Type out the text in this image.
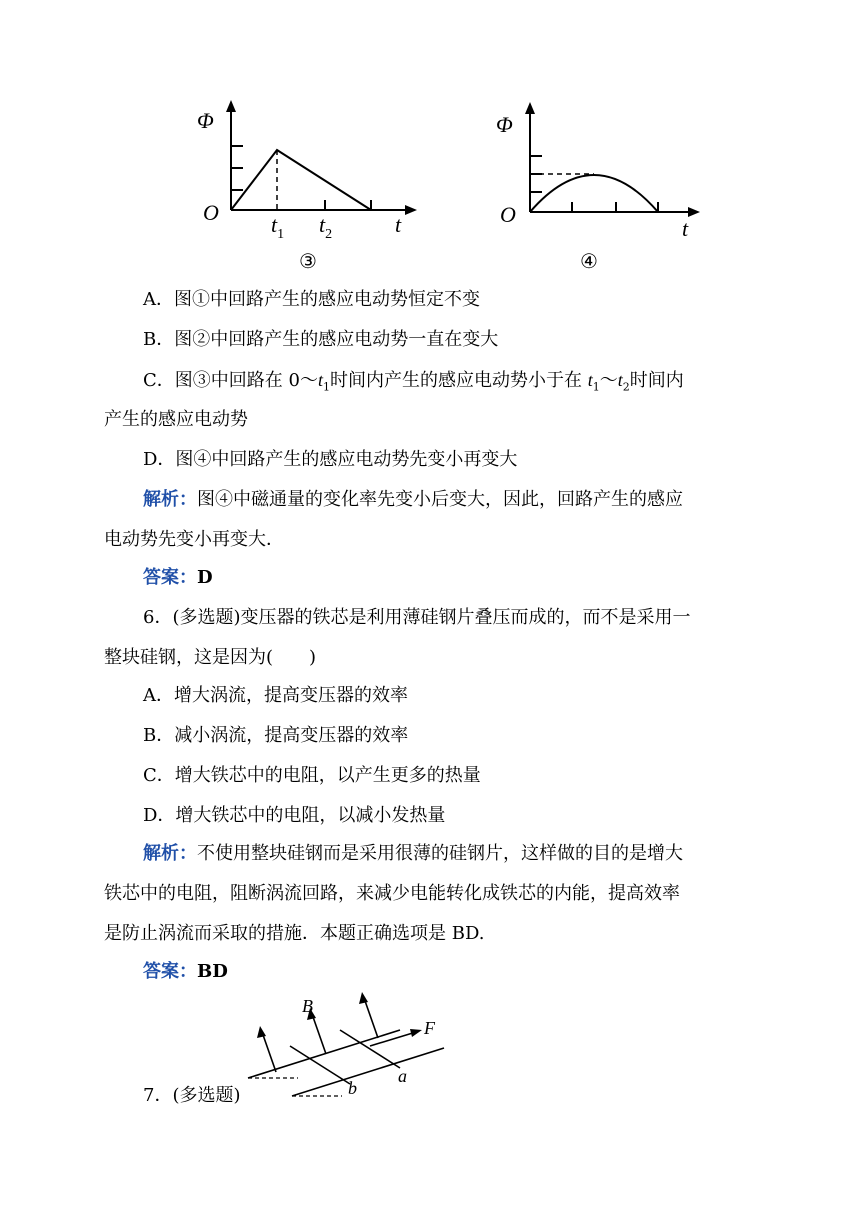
Φ
O $t_1$ $t_2$	t
③
Φ
O
t
④
A．图①中回路产生的感应电动势恒定不变
B．图②中回路产生的感应电动势一直在变大
C．图③中回路在 $0\sim t_1$时间内产生的感应电动势小于在 $t_1\sim t_2$时间内
产生的感应电动势
D．图④中回路产生的感应电动势先变小再变大
解析：图④中磁通量的变化率先变小后变大，因此，回路产生的感应
电动势先变小再变大．
答案：D
6．(多选题)变压器的铁芯是利用薄硅钢片叠压而成的，而不是采用一
整块硅钢，这是因为(　　)
A．增大涡流，提高变压器的效率
B．减小涡流，提高变压器的效率
C．增大铁芯中的电阻，以产生更多的热量
D．增大铁芯中的电阻，以减小发热量
解析：不使用整块硅钢而是采用很薄的硅钢片，这样做的目的是增大
铁芯中的电阻，阻断涡流回路，来减少电能转化成铁芯的内能，提高效率
是防止涡流而采取的措施．本题正确选项是 BD.
答案：BD
B
F
a
b
7．(多选题)
